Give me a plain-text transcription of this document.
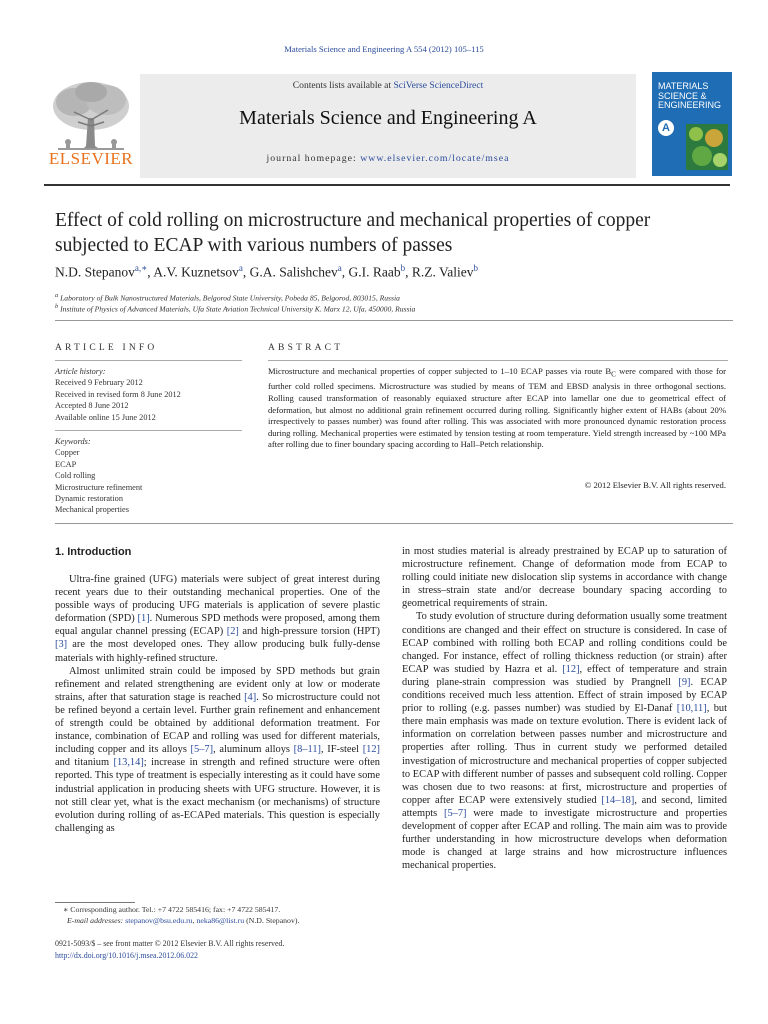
Materials Science and Engineering A 554 (2012) 105–115
Contents lists available at SciVerse ScienceDirect
Materials Science and Engineering A
journal homepage: www.elsevier.com/locate/msea
ELSEVIER
MATERIALS SCIENCE & ENGINEERING
A
Effect of cold rolling on microstructure and mechanical properties of copper subjected to ECAP with various numbers of passes
N.D. Stepanov$^{a,∗}$, A.V. Kuznetsov$^a$, G.A. Salishchev$^a$, G.I. Raab$^b$, R.Z. Valiev$^b$
$^a$ Laboratory of Bulk Nanostructured Materials, Belgorod State University, Pobeda 85, Belgorod, 803015, Russia
$^b$ Institute of Physics of Advanced Materials, Ufa State Aviation Technical University K. Marx 12, Ufa, 450000, Russia
ARTICLE INFO
Article history:
Received 9 February 2012
Received in revised form 8 June 2012
Accepted 8 June 2012
Available online 15 June 2012
Keywords:
Copper
ECAP
Cold rolling
Microstructure refinement
Dynamic restoration
Mechanical properties
ABSTRACT
Microstructure and mechanical properties of copper subjected to 1–10 ECAP passes via route $B_C$ were compared with those for further cold rolled specimens. Microstructure was studied by means of TEM and EBSD analysis in three orthogonal sections. Rolling caused transformation of reasonably equiaxed structure after ECAP into lamellar one due to geometrical effect of deformation, but almost no additional grain refinement occurred during rolling. Significantly higher extent of HABs (about 20% irrespectively to passes number) was found after rolling. This was associated with more pronounced dynamic restoration process during rolling. Mechanical properties were estimated by tension testing at room temperature. Yield strength increased by ~100 MPa after rolling due to finer boundary spacing according to Hall–Petch relationship.
© 2012 Elsevier B.V. All rights reserved.
1. Introduction

Ultra-fine grained (UFG) materials were subject of great interest during recent years due to their outstanding mechanical properties. One of the possible ways of producing UFG materials is application of severe plastic deformation (SPD) [1]. Numerous SPD methods were proposed, among them equal angular channel pressing (ECAP) [2] and high-pressure torsion (HPT) [3] are the most developed ones. They allow producing bulk fully-dense materials with highly-refined structure.

Almost unlimited strain could be imposed by SPD methods but grain refinement and related strengthening are evident only at low or moderate strains, after that saturation stage is reached [4]. So microstructure could not be refined beyond a certain level. Further grain refinement and enhancement of strength could be obtained by additional deformation treatment. For instance, combination of ECAP and rolling was used for different materials, including copper and its alloys [5–7], aluminum alloys [8–11], IF-steel [12] and titanium [13,14]; increase in strength and refined structure were often reported. This type of treatment is especially interesting as it could have some industrial application in producing sheets with UFG structure. However, it is not still clear yet, what is the exact mechanism (or mechanisms) of structure evolution during rolling of as-ECAPed materials. This question is especially challenging as

in most studies material is already prestrained by ECAP up to saturation of microstructure refinement. Change of deformation mode from ECAP to rolling could initiate new dislocation slip systems in accordance with change in stress–strain state and/or decrease boundary spacing according to geometrical requirements of strain.

To study evolution of structure during deformation usually some treatment conditions are changed and their effect on structure is considered. In case of ECAP combined with rolling both ECAP and rolling conditions could be changed. For instance, effect of rolling thickness reduction (or strain) after ECAP was studied by Hazra et al. [12], effect of temperature and strain during plane-strain compression was studied by Prangnell [9]. ECAP conditions received much less attention. Effect of strain imposed by ECAP prior to rolling (e.g. passes number) was studied by El-Danaf [10,11], but there main emphasis was made on texture evolution. There is evident lack of information on correlation between passes number and microstructure and properties after rolling. Thus in current study we performed detailed investigation of microstructure and mechanical properties of copper subjected to ECAP with different number of passes and subsequent cold rolling. Copper was chosen due to two reasons: at first, microstructure and properties of copper after ECAP were extensively studied [14–18], and second, limited attempts [5–7] were made to investigate microstructure and properties development of copper after ECAP and rolling. The main aim was to provide further understanding in how microstructure develops when deformation mode is changed at large strains and how microstructure influences mechanical properties.

∗ Corresponding author. Tel.: +7 4722 585416; fax: +7 4722 585417.
E-mail addresses: stepanov@bsu.edu.ru, neka86@list.ru (N.D. Stepanov).
0921-5093/$ – see front matter © 2012 Elsevier B.V. All rights reserved.
http://dx.doi.org/10.1016/j.msea.2012.06.022
